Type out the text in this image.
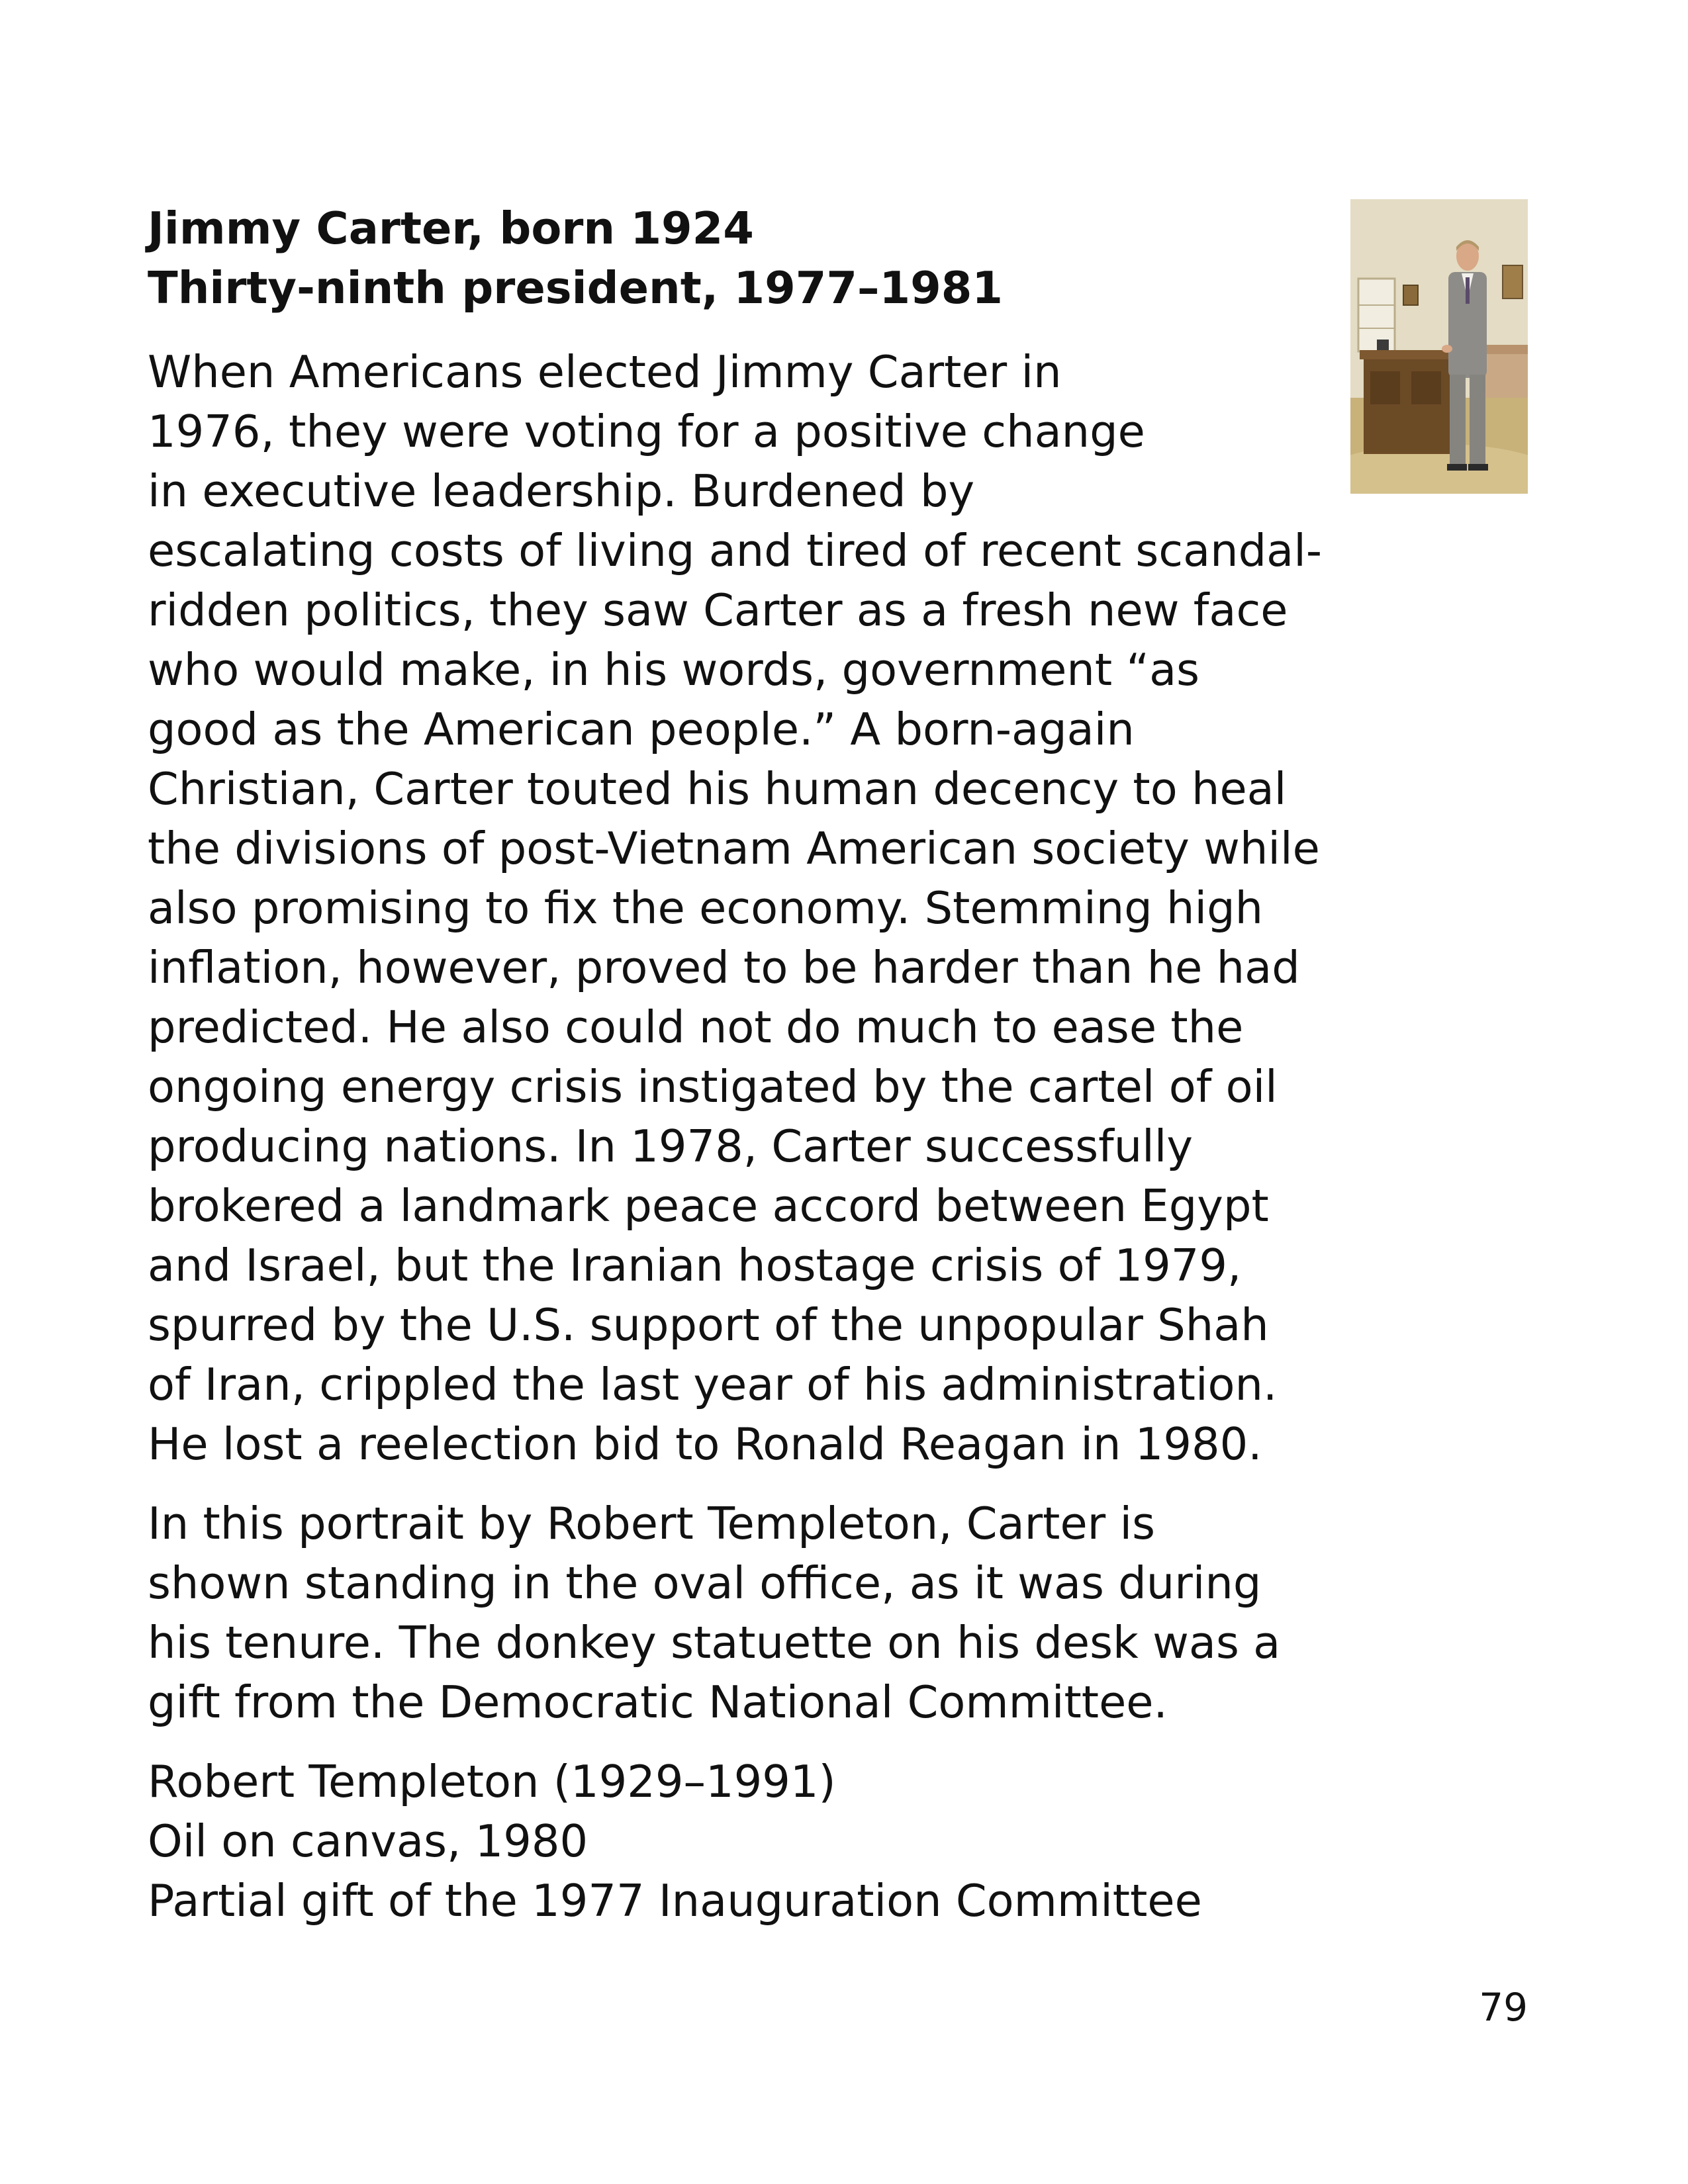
Jimmy Carter, born 1924
Thirty-ninth president, 1977–1981

When Americans elected Jimmy Carter in
1976, they were voting for a positive change
in executive leadership. Burdened by
escalating costs of living and tired of recent scandal-
ridden politics, they saw Carter as a fresh new face
who would make, in his words, government “as
good as the American people.” A born-again
Christian, Carter touted his human decency to heal
the divisions of post-Vietnam American society while
also promising to fix the economy. Stemming high
inflation, however, proved to be harder than he had
predicted. He also could not do much to ease the
ongoing energy crisis instigated by the cartel of oil
producing nations. In 1978, Carter successfully
brokered a landmark peace accord between Egypt
and Israel, but the Iranian hostage crisis of 1979,
spurred by the U.S. support of the unpopular Shah
of Iran, crippled the last year of his administration.
He lost a reelection bid to Ronald Reagan in 1980.

In this portrait by Robert Templeton, Carter is
shown standing in the oval office, as it was during
his tenure. The donkey statuette on his desk was a
gift from the Democratic National Committee.

Robert Templeton (1929–1991)
Oil on canvas, 1980
Partial gift of the 1977 Inauguration Committee

79
